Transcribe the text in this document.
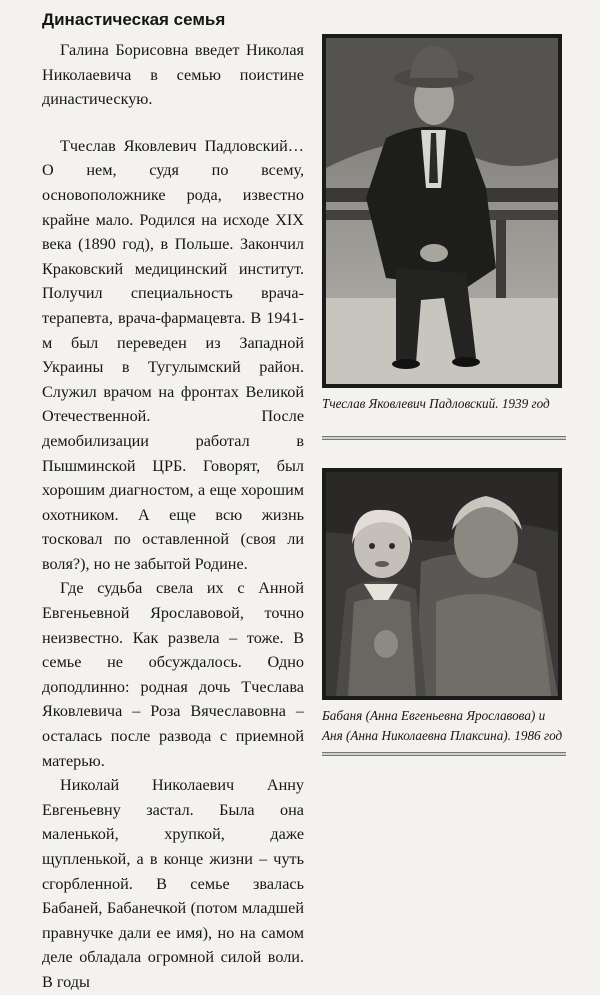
Династическая семья

Галина Борисовна введет Николая Николаевича в семью поистине династическую.

Тчеслав Яковлевич Падловский… О нем, судя по всему, основоположнике рода, известно крайне мало. Родился на исходе XIX века (1890 год), в Польше. Закончил Краковский медицинский институт. Получил специальность врача-терапевта, врача-фармацевта. В 1941-м был переведен из Западной Украины в Тугулымский район. Служил врачом на фронтах Великой Отечественной. После демобилизации работал в Пышминской ЦРБ. Говорят, был хорошим диагностом, а еще хорошим охотником. А еще всю жизнь тосковал по оставленной (своя ли воля?), но не забытой Родине.

Где судьба свела их с Анной Евгеньевной Ярославовой, точно неизвестно. Как развела – тоже. В семье не обсуждалось. Одно доподлинно: родная дочь Тчеслава Яковлевича – Роза Вячеславовна – осталась после развода с приемной матерью.

Николай Николаевич Анну Евгеньевну застал. Была она маленькой, хрупкой, даже щупленькой, а в конце жизни – чуть сгорбленной. В семье звалась Бабаней, Бабанечкой (потом младшей правнучке дали ее имя), но на самом деле обладала огромной силой воли. В годы

Тчеслав Яковлевич Падловский. 1939 год
Бабаня (Анна Евгеньевна Ярославова) и Аня (Анна Николаевна Плаксина). 1986 год
